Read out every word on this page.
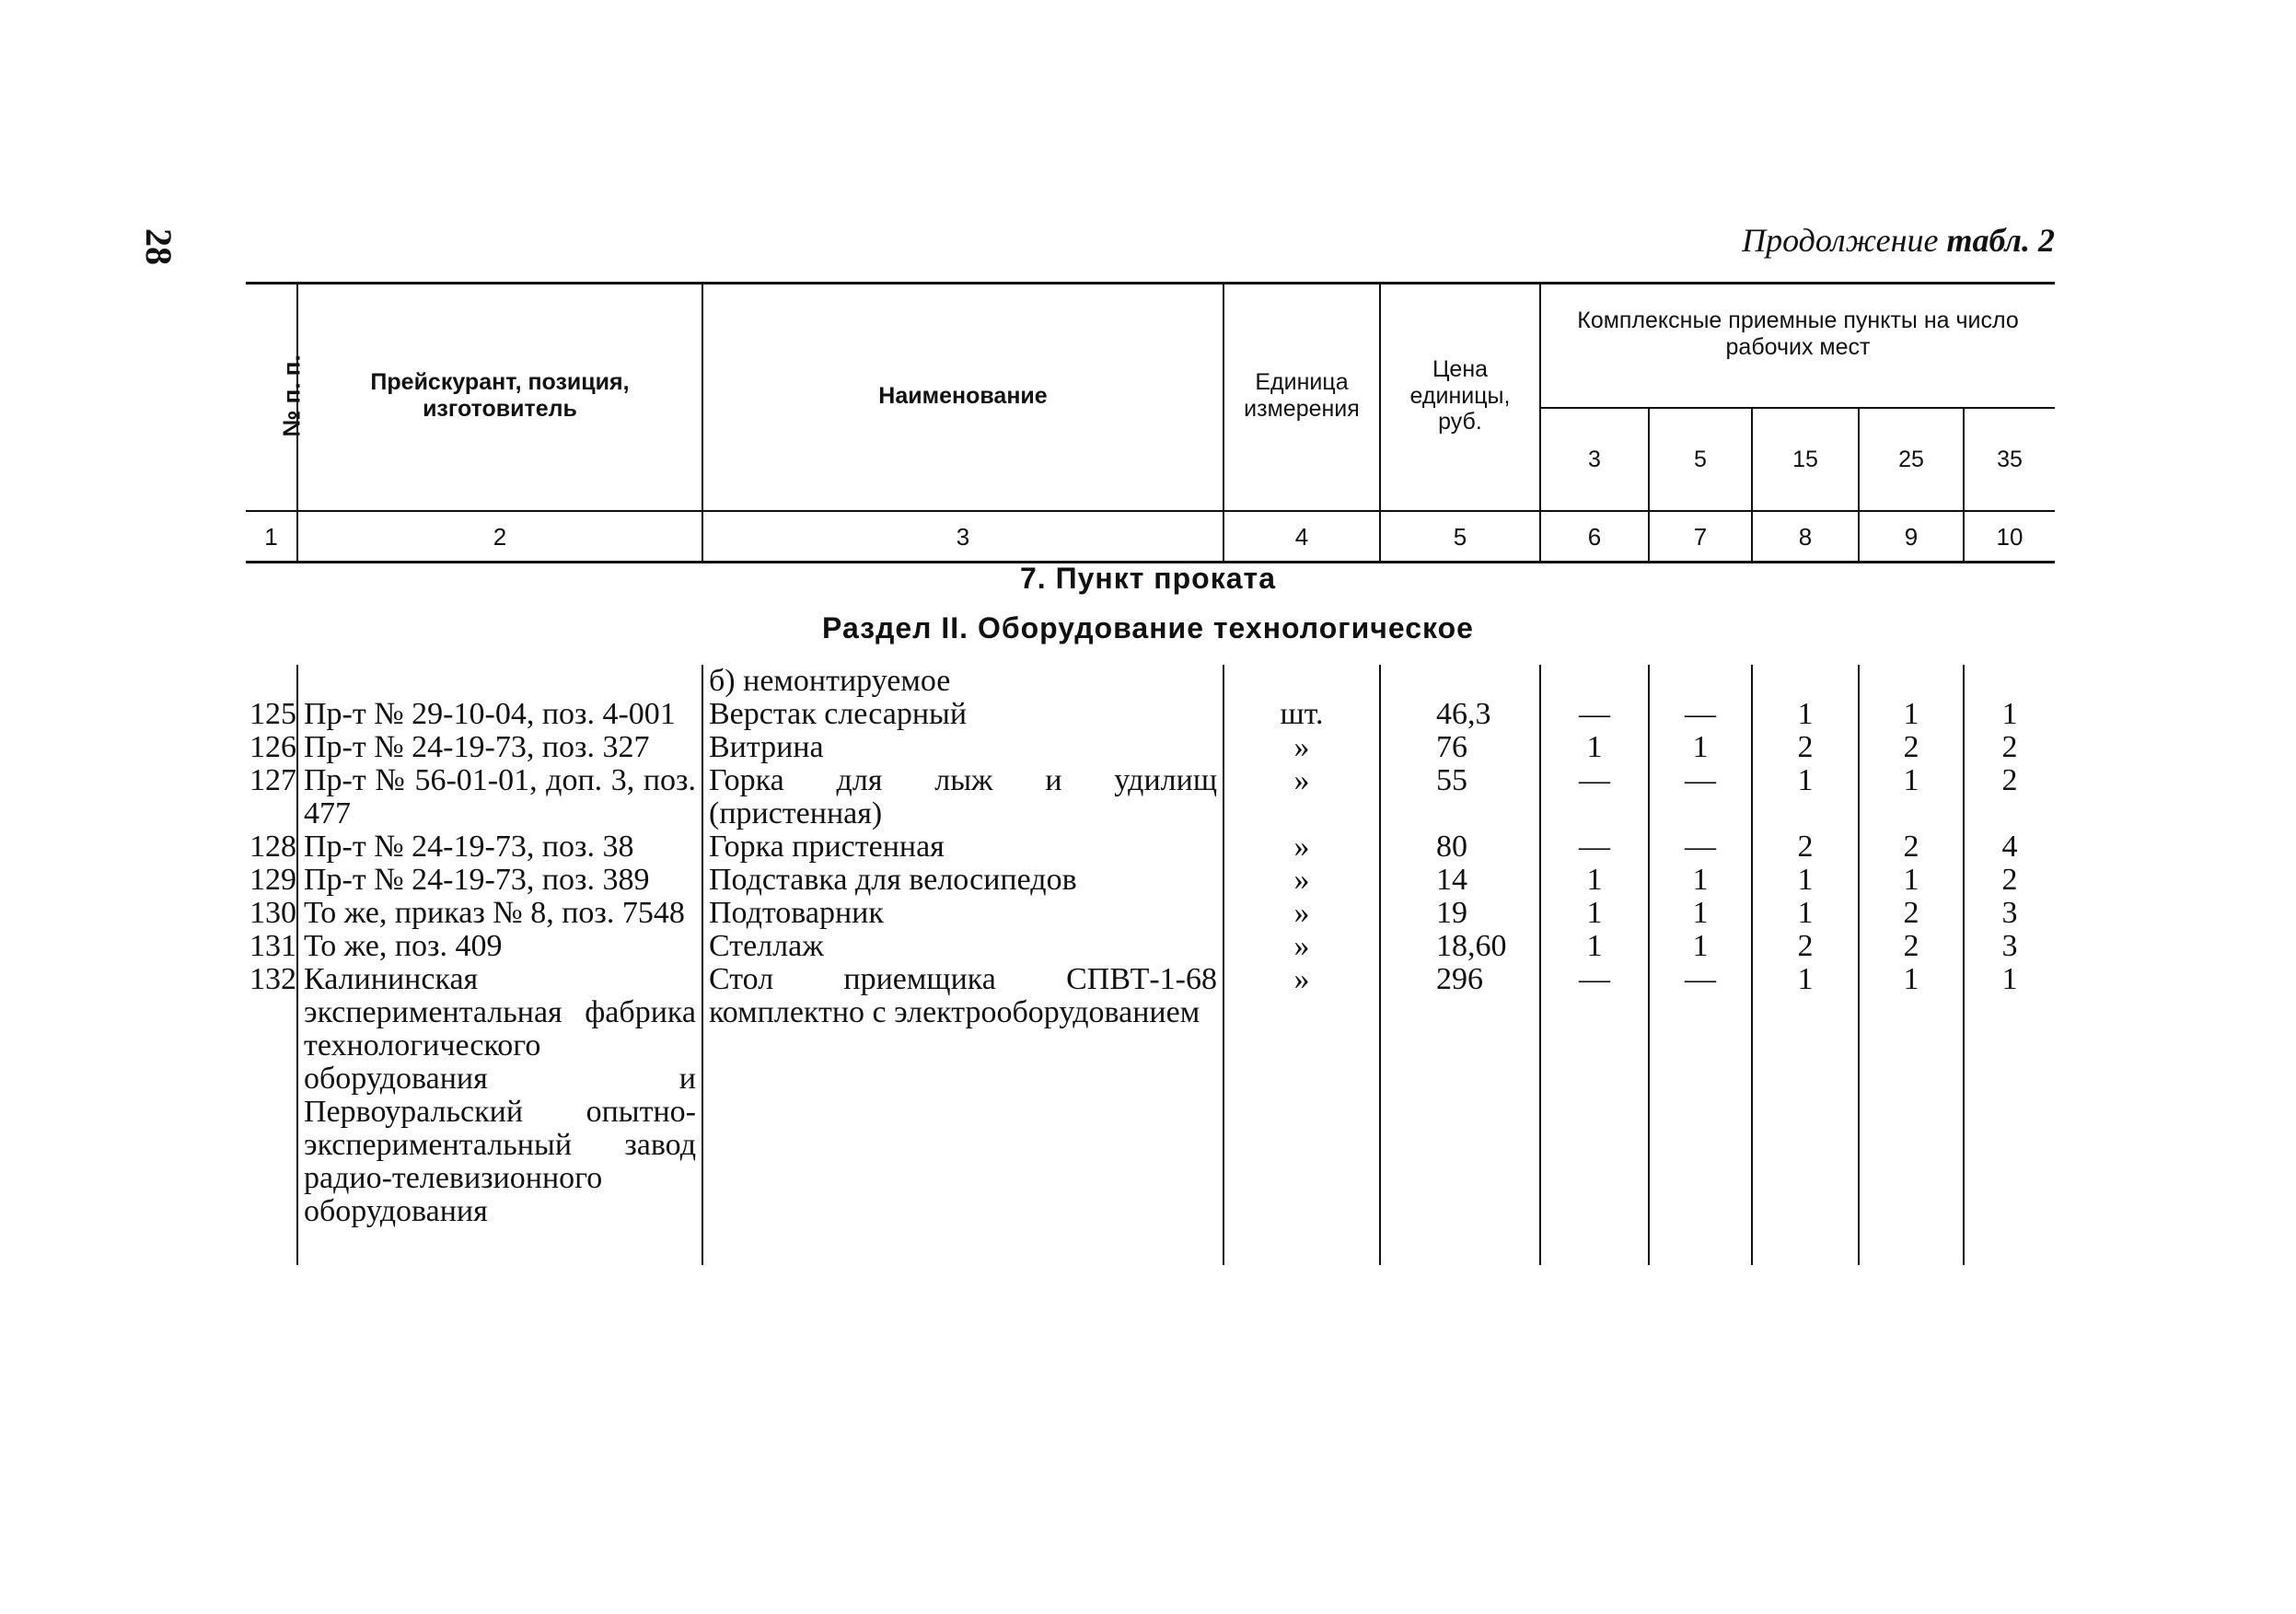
28	Продолжение табл. 2
№ п. п.	Прейскурант, позиция, изготовитель	Наименование	Единица измерения	Цена единицы, руб.	Комплексные приемные пункты на число рабочих мест				
					3	5	15	25	35
1	2	3	4	5	6	7	8	9	10
7. Пункт проката
Раздел II. Оборудование технологическое
		б) немонтируемое							
125	Пр-т № 29-10-04, поз. 4-001	Верстак слесарный	шт.	46,3	—	—	1	1	1
126	Пр-т № 24-19-73, поз. 327	Витрина	»	76	1	1	2	2	2
127	Пр-т № 56-01-01, доп. 3, поз. 477	Горка для лыж и удилищ (пристенная)	»	55	—	—	1	1	2
128	Пр-т № 24-19-73, поз. 38	Горка пристенная	»	80	—	—	2	2	4
129	Пр-т № 24-19-73, поз. 389	Подставка для велосипедов	»	14	1	1	1	1	2
130	То же, приказ № 8, поз. 7548	Подтоварник	»	19	1	1	1	2	3
131	То же, поз. 409	Стеллаж	»	18,60	1	1	2	2	3
132	Калининская экспериментальная фабрика технологического оборудования и Первоуральский опытно-экспериментальный завод радио-телевизионного оборудования	Стол приемщика СПВТ-1-68 комплектно с электрооборудованием	»	296	—	—	1	1	1
